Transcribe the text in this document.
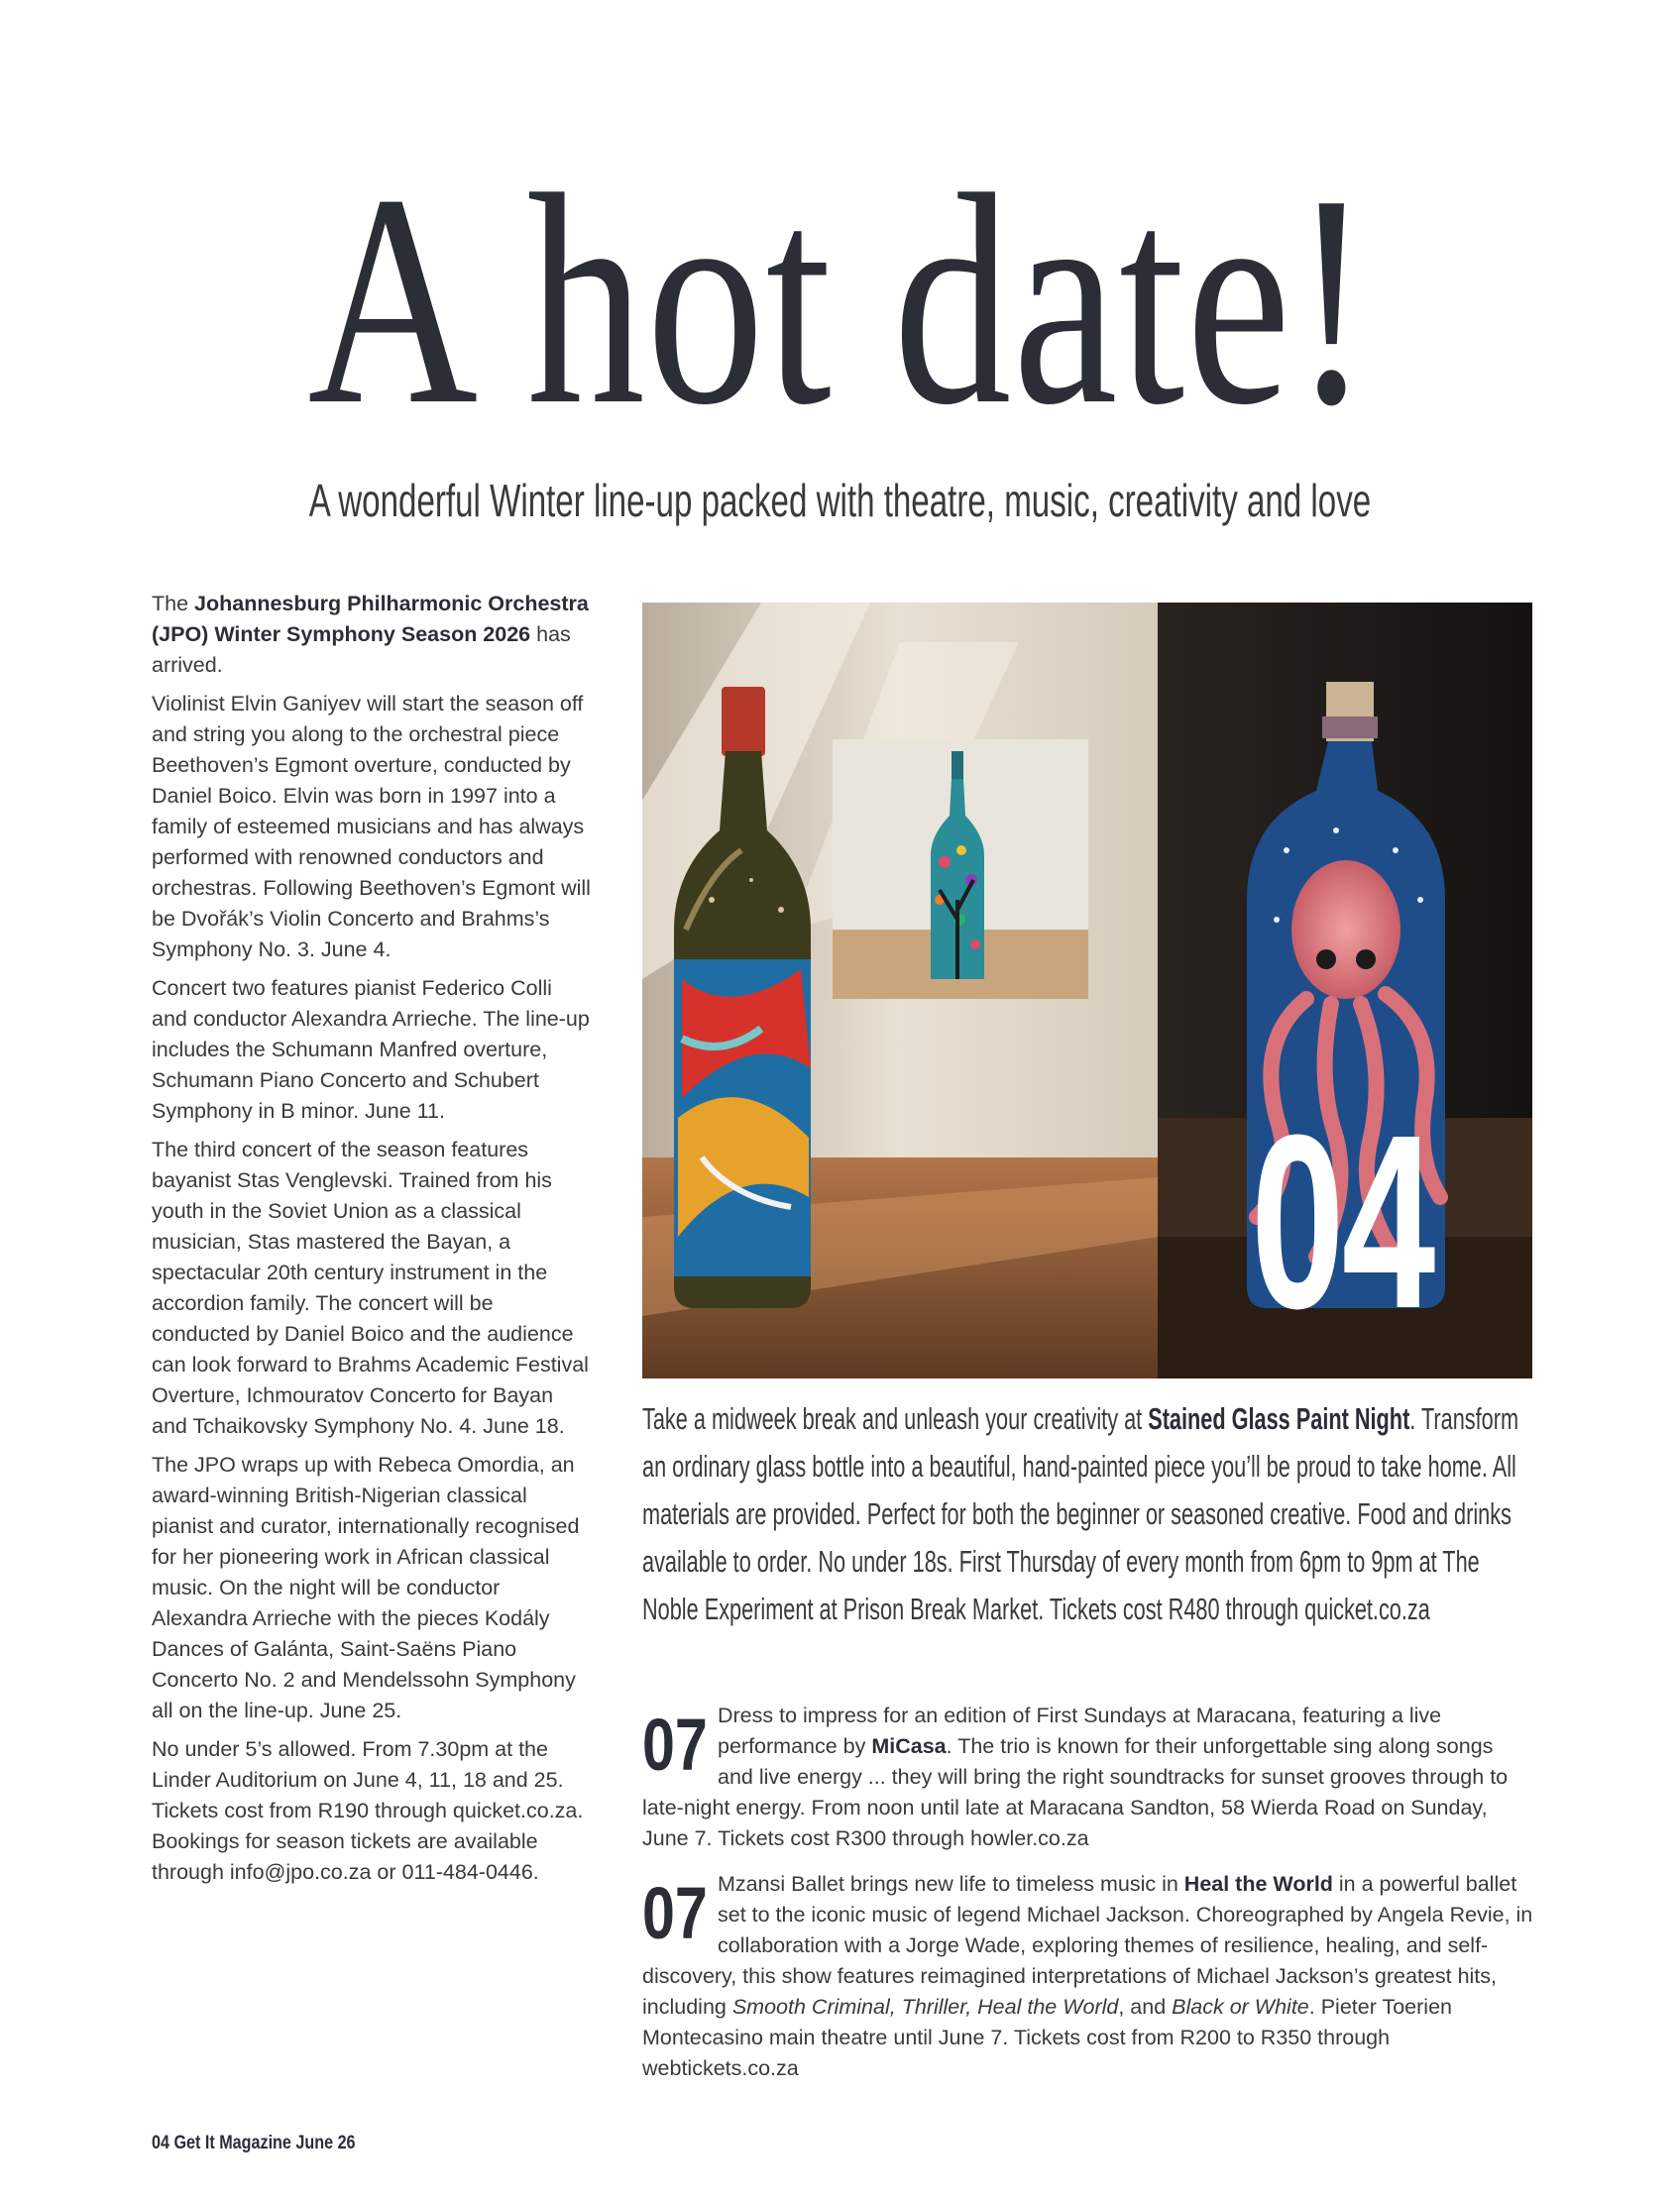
A hot date!
A wonderful Winter line-up packed with theatre, music, creativity and love

The Johannesburg Philharmonic Orchestra (JPO) Winter Symphony Season 2026 has arrived.

Violinist Elvin Ganiyev will start the season off and string you along to the orchestral piece Beethoven’s Egmont overture, conducted by Daniel Boico. Elvin was born in 1997 into a family of esteemed musicians and has always performed with renowned conductors and orchestras. Following Beethoven’s Egmont will be Dvořák’s Violin Concerto and Brahms’s Symphony No. 3. June 4.

Concert two features pianist Federico Colli and conductor Alexandra Arrieche. The line-up includes the Schumann Manfred overture, Schumann Piano Concerto and Schubert Symphony in B minor. June 11.

The third concert of the season features bayanist Stas Venglevski. Trained from his youth in the Soviet Union as a classical musician, Stas mastered the Bayan, a spectacular 20th century instrument in the accordion family. The concert will be conducted by Daniel Boico and the audience can look forward to Brahms Academic Festival Overture, Ichmouratov Concerto for Bayan and Tchaikovsky Symphony No. 4. June 18.

The JPO wraps up with Rebeca Omordia, an award-winning British-Nigerian classical pianist and curator, internationally recognised for her pioneering work in African classical music. On the night will be conductor Alexandra Arrieche with the pieces Kodály Dances of Galánta, Saint-Saëns Piano Concerto No. 2 and Mendelssohn Symphony all on the line-up. June 25.

No under 5’s allowed. From 7.30pm at the Linder Auditorium on June 4, 11, 18 and 25. Tickets cost from R190 through quicket.co.za. Bookings for season tickets are available through info@jpo.co.za or 011-484-0446.

04
Take a midweek break and unleash your creativity at Stained Glass Paint Night. Transform an ordinary glass bottle into a beautiful, hand-painted piece you’ll be proud to take home. All materials are provided. Perfect for both the beginner or seasoned creative. Food and drinks available to order. No under 18s. First Thursday of every month from 6pm to 9pm at The Noble Experiment at Prison Break Market. Tickets cost R480 through quicket.co.za
07 Dress to impress for an edition of First Sundays at Maracana, featuring a live performance by MiCasa. The trio is known for their unforgettable sing along songs and live energy ... they will bring the right soundtracks for sunset grooves through to late-night energy. From noon until late at Maracana Sandton, 58 Wierda Road on Sunday, June 7. Tickets cost R300 through howler.co.za
07 Mzansi Ballet brings new life to timeless music in Heal the World in a powerful ballet set to the iconic music of legend Michael Jackson. Choreographed by Angela Revie, in collaboration with a Jorge Wade, exploring themes of resilience, healing, and self-discovery, this show features reimagined interpretations of Michael Jackson’s greatest hits, including Smooth Criminal, Thriller, Heal the World, and Black or White. Pieter Toerien Montecasino main theatre until June 7. Tickets cost from R200 to R350 through webtickets.co.za
04 Get It Magazine June 26
